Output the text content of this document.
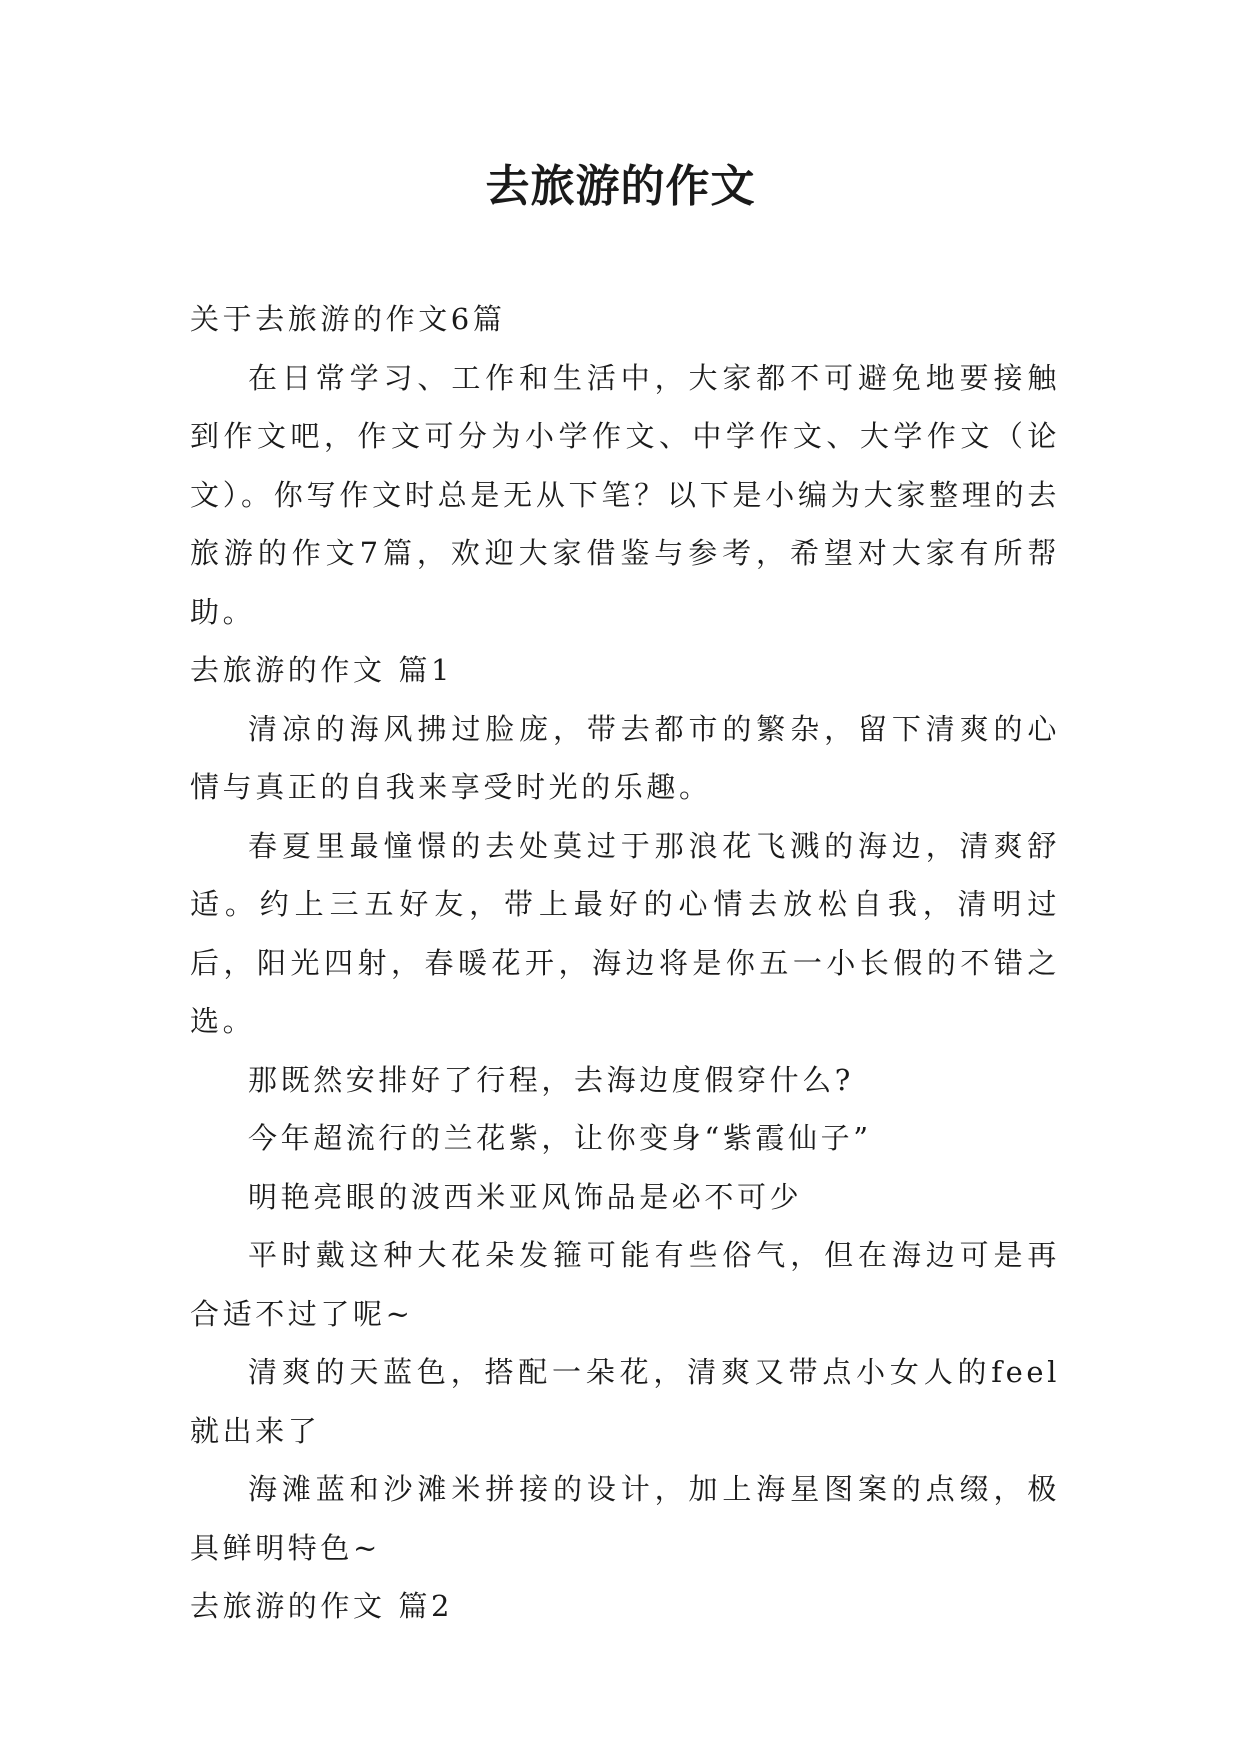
去旅游的作文

关于去旅游的作文6篇

在日常学习、工作和生活中，大家都不可避免地要接触到作文吧，作文可分为小学作文、中学作文、大学作文（论文）。你写作文时总是无从下笔？以下是小编为大家整理的去旅游的作文7篇，欢迎大家借鉴与参考，希望对大家有所帮助。

去旅游的作文 篇1

清凉的海风拂过脸庞，带去都市的繁杂，留下清爽的心情与真正的自我来享受时光的乐趣。

春夏里最憧憬的去处莫过于那浪花飞溅的海边，清爽舒适。约上三五好友，带上最好的心情去放松自我，清明过后，阳光四射，春暖花开，海边将是你五一小长假的不错之选。

那既然安排好了行程，去海边度假穿什么?

今年超流行的兰花紫，让你变身“紫霞仙子”

明艳亮眼的波西米亚风饰品是必不可少

平时戴这种大花朵发箍可能有些俗气，但在海边可是再合适不过了呢~

清爽的天蓝色，搭配一朵花，清爽又带点小女人的feel就出来了

海滩蓝和沙滩米拼接的设计，加上海星图案的点缀，极具鲜明特色~

去旅游的作文 篇2
